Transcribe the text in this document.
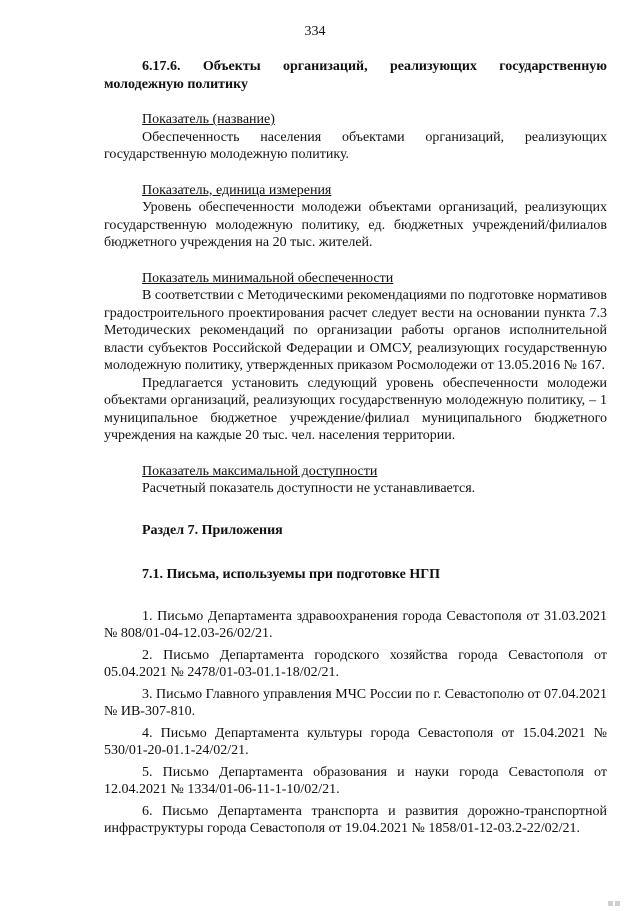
334

6.17.6. Объекты организаций, реализующих государственную молодежную политику

Показатель (название)

Обеспеченность населения объектами организаций, реализующих государственную молодежную политику.

Показатель, единица измерения

Уровень обеспеченности молодежи объектами организаций, реализующих государственную молодежную политику, ед. бюджетных учреждений/филиалов бюджетного учреждения на 20 тыс. жителей.

Показатель минимальной обеспеченности

В соответствии с Методическими рекомендациями по подготовке нормативов градостроительного проектирования расчет следует вести на основании пункта 7.3 Методических рекомендаций по организации работы органов исполнительной власти субъектов Российской Федерации и ОМСУ, реализующих государственную молодежную политику, утвержденных приказом Росмолодежи от 13.05.2016 № 167.

Предлагается установить следующий уровень обеспеченности молодежи объектами организаций, реализующих государственную молодежную политику, – 1 муниципальное бюджетное учреждение/филиал муниципального бюджетного учреждения на каждые 20 тыс. чел. населения территории.

Показатель максимальной доступности

Расчетный показатель доступности не устанавливается.

Раздел 7. Приложения

7.1. Письма, используемы при подготовке НГП

1. Письмо Департамента здравоохранения города Севастополя от 31.03.2021 № 808/01-04-12.03-26/02/21.

2. Письмо Департамента городского хозяйства города Севастополя от 05.04.2021 № 2478/01-03-01.1-18/02/21.

3. Письмо Главного управления МЧС России по г. Севастополю от 07.04.2021 № ИВ-307-810.

4. Письмо Департамента культуры города Севастополя от 15.04.2021 № 530/01-20-01.1-24/02/21.

5. Письмо Департамента образования и науки города Севастополя от 12.04.2021 № 1334/01-06-11-1-10/02/21.

6. Письмо Департамента транспорта и развития дорожно-транспортной инфраструктуры города Севастополя от 19.04.2021 № 1858/01-12-03.2-22/02/21.
